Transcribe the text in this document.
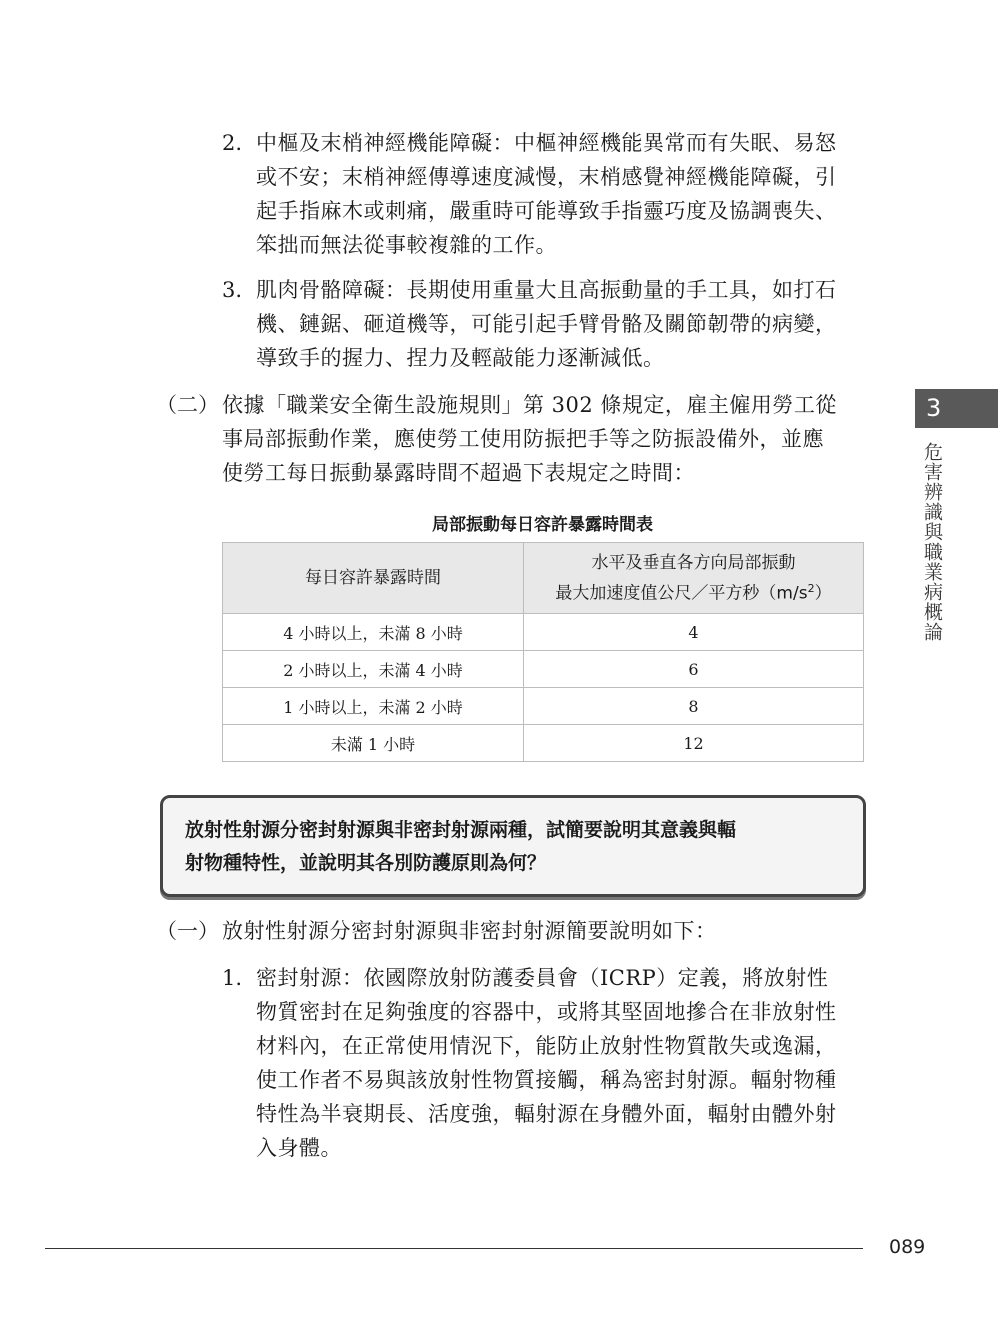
2. 中樞及末梢神經機能障礙：中樞神經機能異常而有失眠、易怒
或不安；末梢神經傳導速度減慢，末梢感覺神經機能障礙，引
起手指麻木或刺痛，嚴重時可能導致手指靈巧度及協調喪失、
笨拙而無法從事較複雜的工作。
3. 肌肉骨骼障礙：長期使用重量大且高振動量的手工具，如打石
機、鏈鋸、砸道機等，可能引起手臂骨骼及關節韌帶的病變，
導致手的握力、捏力及輕敲能力逐漸減低。
（二） 依據「職業安全衛生設施規則」第 302 條規定，雇主僱用勞工從
事局部振動作業，應使勞工使用防振把手等之防振設備外，並應
使勞工每日振動暴露時間不超過下表規定之時間：
局部振動每日容許暴露時間表
每日容許暴露時間	水平及垂直各方向局部振動
最大加速度值公尺／平方秒$(m/s^2)$

4 小時以上，未滿 8 小時	4
2 小時以上，未滿 4 小時	6
1 小時以上，未滿 2 小時	8
未滿 1 小時	12
放射性射源分密封射源與非密封射源兩種，試簡要說明其意義與輻
射物種特性，並說明其各別防護原則為何？
（一） 放射性射源分密封射源與非密封射源簡要說明如下：
1. 密封射源：依國際放射防護委員會（ICRP）定義，將放射性
物質密封在足夠強度的容器中，或將其堅固地摻合在非放射性
材料內，在正常使用情況下，能防止放射性物質散失或逸漏，
使工作者不易與該放射性物質接觸，稱為密封射源。輻射物種
特性為半衰期長、活度強，輻射源在身體外面，輻射由體外射
入身體。
3
危害辨識與職業病概論
089
